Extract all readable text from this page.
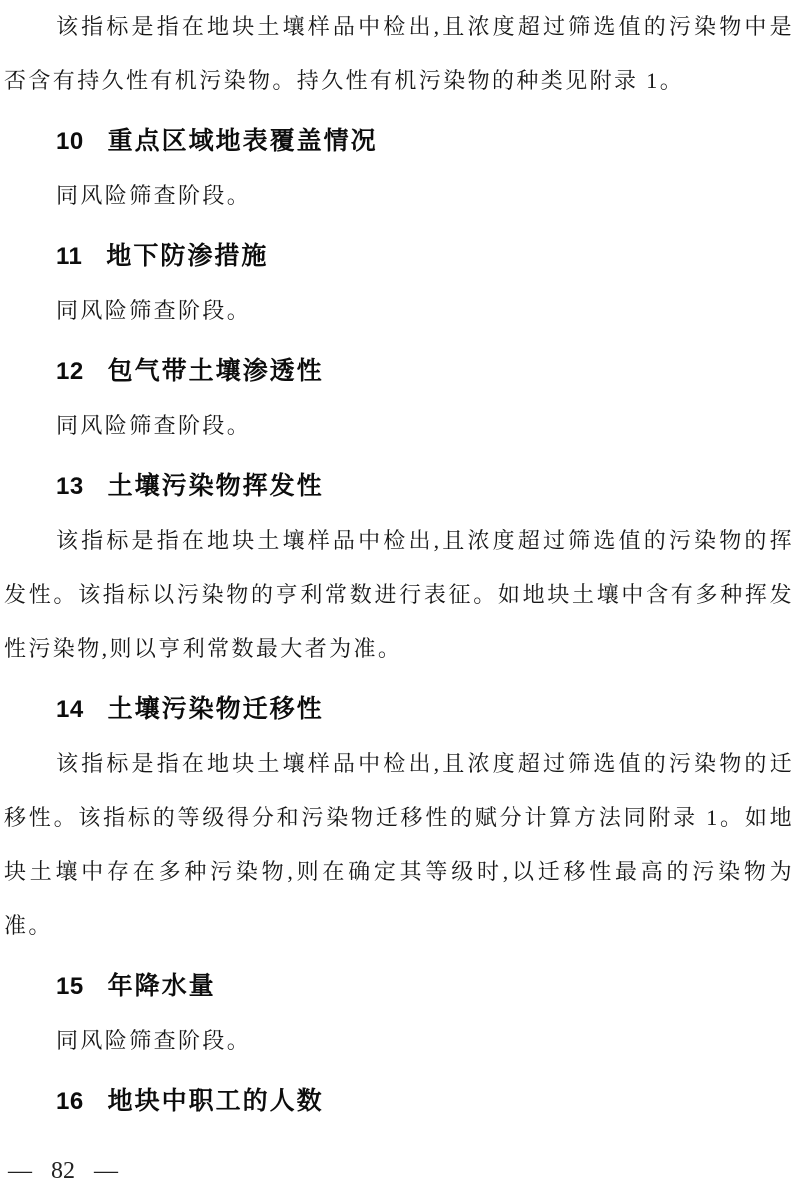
该指标是指在地块土壤样品中检出,且浓度超过筛选值的污染物中是否含有持久性有机污染物。持久性有机污染物的种类见附录 1。

10 重点区域地表覆盖情况

同风险筛查阶段。

11 地下防渗措施

同风险筛查阶段。

12 包气带土壤渗透性

同风险筛查阶段。

13 土壤污染物挥发性

该指标是指在地块土壤样品中检出,且浓度超过筛选值的污染物的挥发性。该指标以污染物的亨利常数进行表征。如地块土壤中含有多种挥发性污染物,则以亨利常数最大者为准。

14 土壤污染物迁移性

该指标是指在地块土壤样品中检出,且浓度超过筛选值的污染物的迁移性。该指标的等级得分和污染物迁移性的赋分计算方法同附录 1。如地块土壤中存在多种污染物,则在确定其等级时,以迁移性最高的污染物为准。

15 年降水量

同风险筛查阶段。

16 地块中职工的人数
— 82 —
